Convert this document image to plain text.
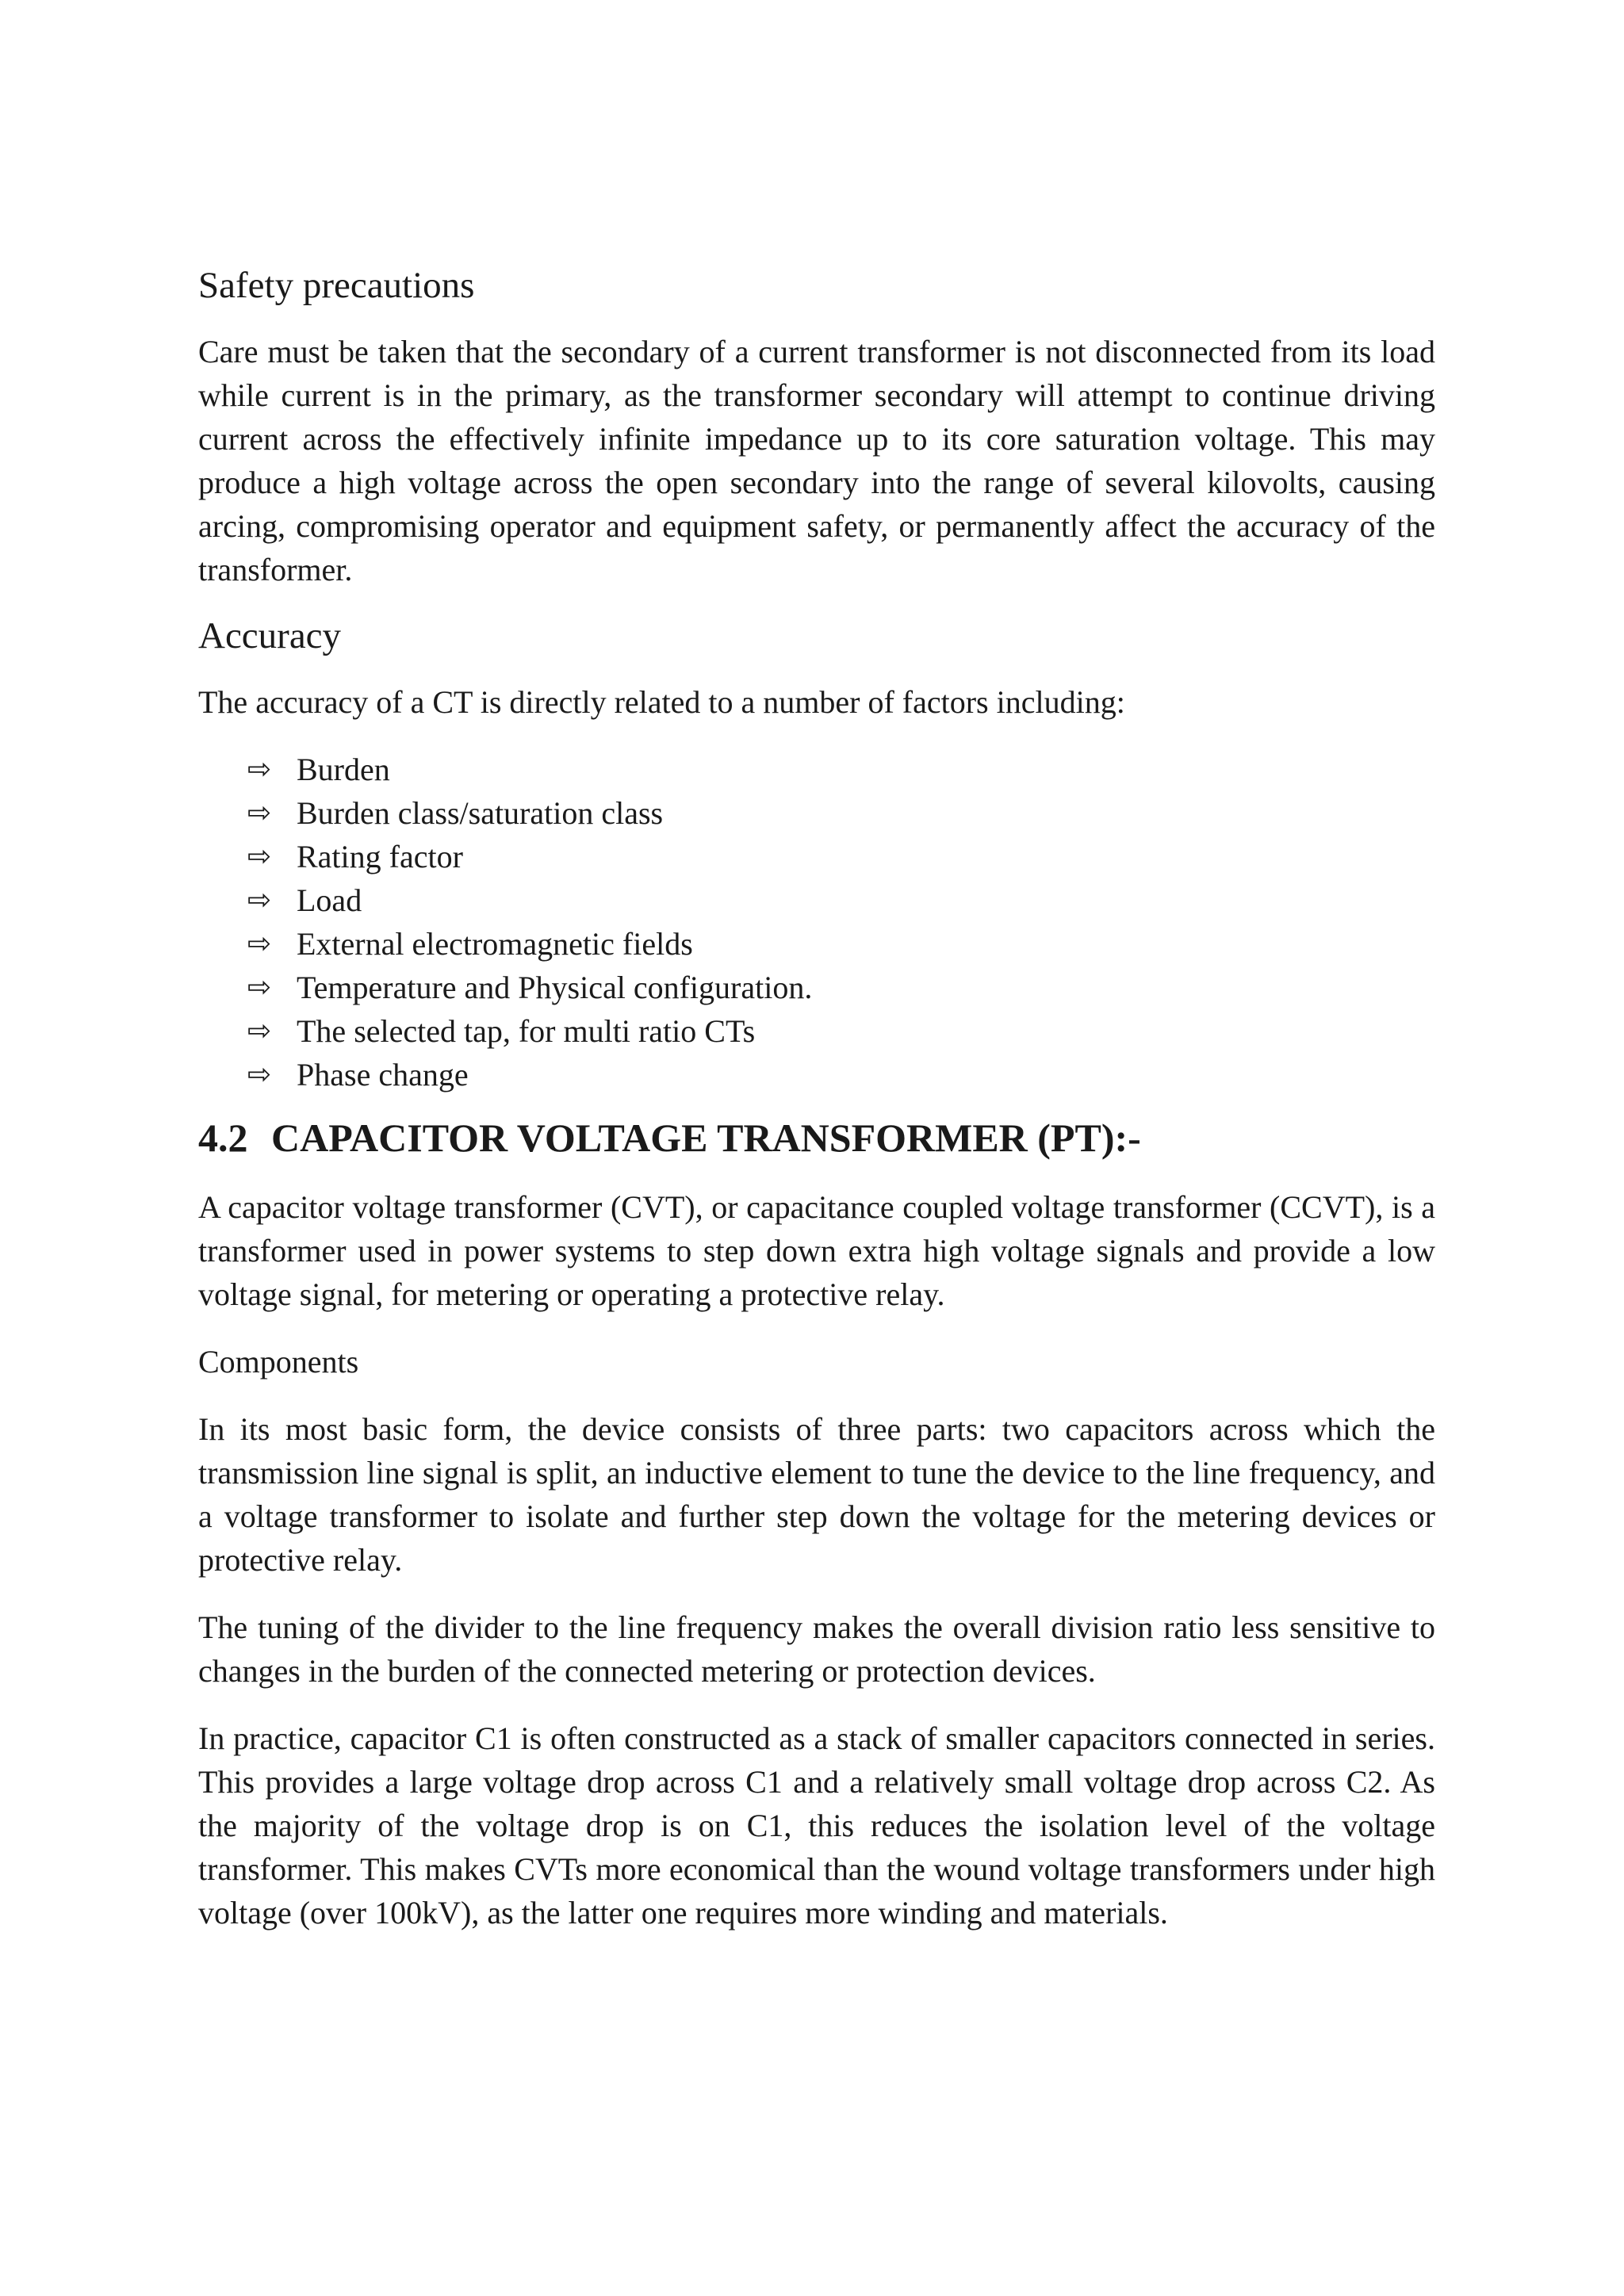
Safety precautions

Care must be taken that the secondary of a current transformer is not disconnected from its load while current is in the primary, as the transformer secondary will attempt to continue driving current across the effectively infinite impedance up to its core saturation voltage. This may produce a high voltage across the open secondary into the range of several kilovolts, causing arcing, compromising operator and equipment safety, or permanently affect the accuracy of the transformer.

Accuracy

The accuracy of a CT is directly related to a number of factors including:

⇨ Burden
⇨ Burden class/saturation class
⇨ Rating factor
⇨ Load
⇨ External electromagnetic fields
⇨ Temperature and Physical configuration.
⇨ The selected tap, for multi ratio CTs
⇨ Phase change
4.2 CAPACITOR VOLTAGE TRANSFORMER (PT):-

A capacitor voltage transformer (CVT), or capacitance coupled voltage transformer (CCVT), is a transformer used in power systems to step down extra high voltage signals and provide a low voltage signal, for metering or operating a protective relay.

Components

In its most basic form, the device consists of three parts: two capacitors across which the transmission line signal is split, an inductive element to tune the device to the line frequency, and a voltage transformer to isolate and further step down the voltage for the metering devices or protective relay.

The tuning of the divider to the line frequency makes the overall division ratio less sensitive to changes in the burden of the connected metering or protection devices.

In practice, capacitor C1 is often constructed as a stack of smaller capacitors connected in series. This provides a large voltage drop across C1 and a relatively small voltage drop across C2. As the majority of the voltage drop is on C1, this reduces the isolation level of the voltage transformer. This makes CVTs more economical than the wound voltage transformers under high voltage (over 100kV), as the latter one requires more winding and materials.
